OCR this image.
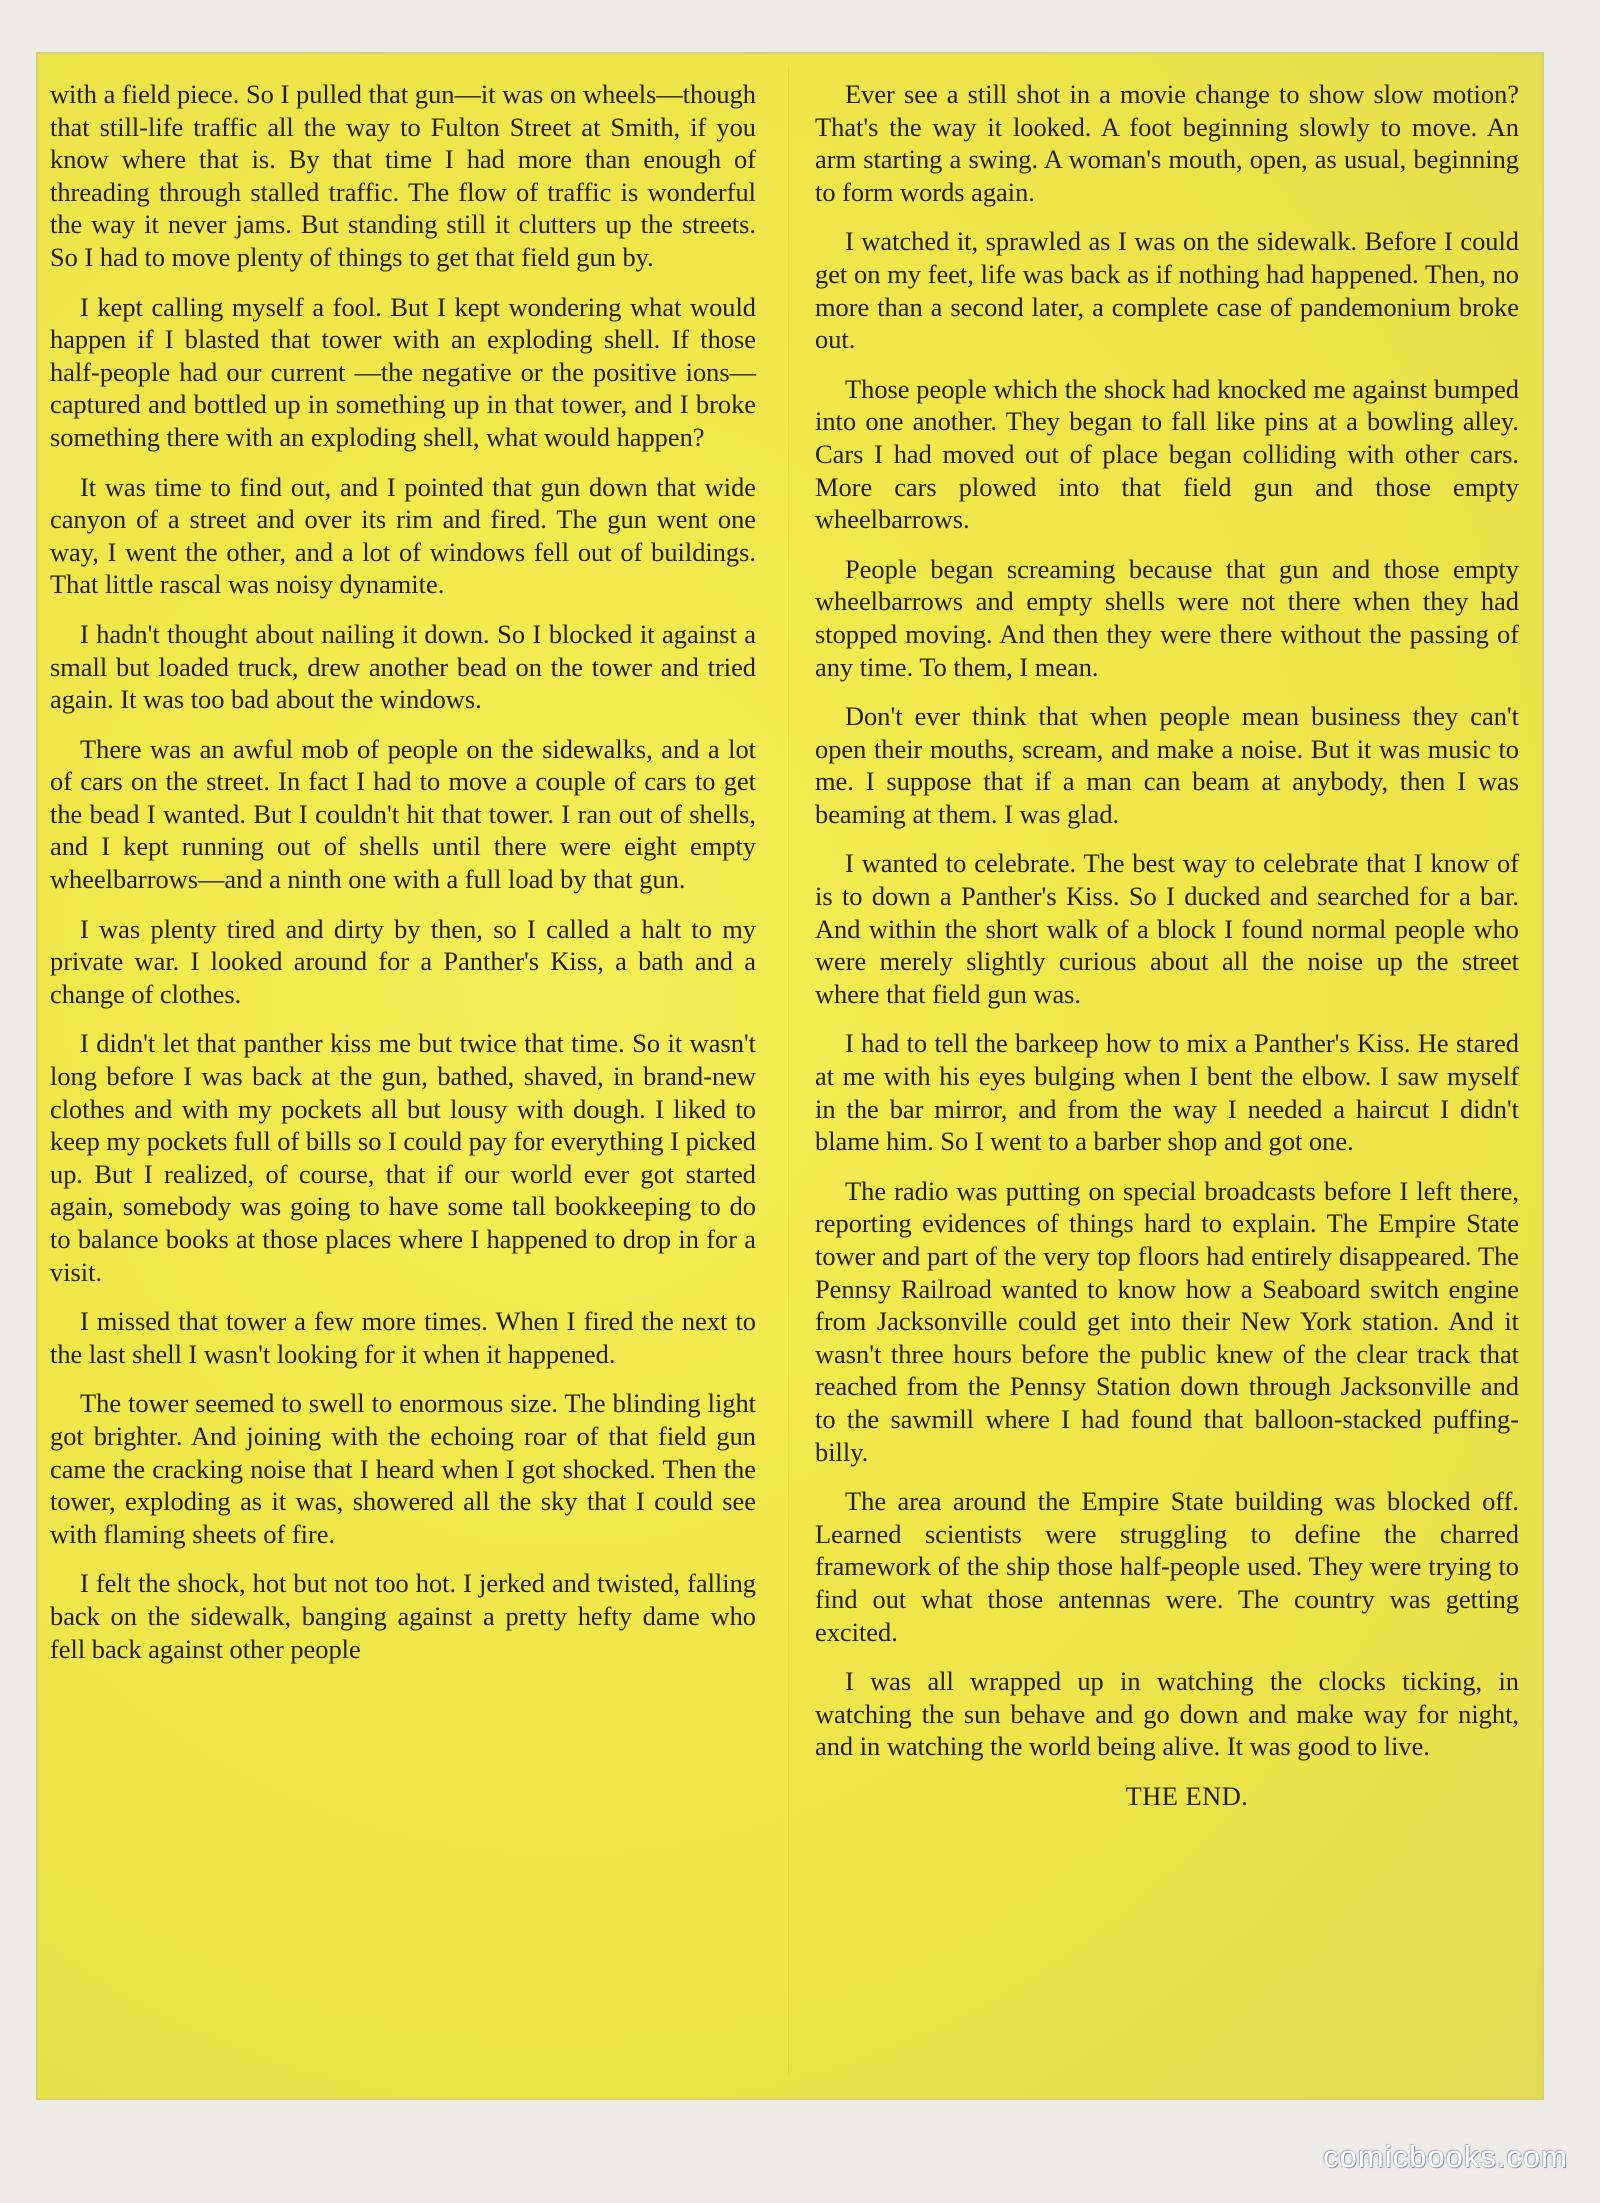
with a field piece. So I pulled that gun—it was on wheels—though that still-life traffic all the way to Fulton Street at Smith, if you know where that is. By that time I had more than enough of threading through stalled traffic. The flow of traffic is wonderful the way it never jams. But standing still it clutters up the streets. So I had to move plenty of things to get that field gun by.

I kept calling myself a fool. But I kept wondering what would happen if I blasted that tower with an exploding shell. If those half-people had our current —the negative or the positive ions—captured and bottled up in something up in that tower, and I broke something there with an exploding shell, what would happen?

It was time to find out, and I pointed that gun down that wide canyon of a street and over its rim and fired. The gun went one way, I went the other, and a lot of windows fell out of buildings. That little rascal was noisy dynamite.

I hadn't thought about nailing it down. So I blocked it against a small but loaded truck, drew another bead on the tower and tried again. It was too bad about the windows.

There was an awful mob of people on the sidewalks, and a lot of cars on the street. In fact I had to move a couple of cars to get the bead I wanted. But I couldn't hit that tower. I ran out of shells, and I kept running out of shells until there were eight empty wheelbarrows—and a ninth one with a full load by that gun.

I was plenty tired and dirty by then, so I called a halt to my private war. I looked around for a Panther's Kiss, a bath and a change of clothes.

I didn't let that panther kiss me but twice that time. So it wasn't long before I was back at the gun, bathed, shaved, in brand-new clothes and with my pockets all but lousy with dough. I liked to keep my pockets full of bills so I could pay for everything I picked up. But I realized, of course, that if our world ever got started again, somebody was going to have some tall bookkeeping to do to balance books at those places where I happened to drop in for a visit.

I missed that tower a few more times. When I fired the next to the last shell I wasn't looking for it when it happened.

The tower seemed to swell to enormous size. The blinding light got brighter. And joining with the echoing roar of that field gun came the cracking noise that I heard when I got shocked. Then the tower, exploding as it was, showered all the sky that I could see with flaming sheets of fire.

I felt the shock, hot but not too hot. I jerked and twisted, falling back on the sidewalk, banging against a pretty hefty dame who fell back against other people

Ever see a still shot in a movie change to show slow motion? That's the way it looked. A foot beginning slowly to move. An arm starting a swing. A woman's mouth, open, as usual, beginning to form words again.

I watched it, sprawled as I was on the sidewalk. Before I could get on my feet, life was back as if nothing had happened. Then, no more than a second later, a complete case of pandemonium broke out.

Those people which the shock had knocked me against bumped into one another. They began to fall like pins at a bowling alley. Cars I had moved out of place began colliding with other cars. More cars plowed into that field gun and those empty wheelbarrows.

People began screaming because that gun and those empty wheelbarrows and empty shells were not there when they had stopped moving. And then they were there without the passing of any time. To them, I mean.

Don't ever think that when people mean business they can't open their mouths, scream, and make a noise. But it was music to me. I suppose that if a man can beam at anybody, then I was beaming at them. I was glad.

I wanted to celebrate. The best way to celebrate that I know of is to down a Panther's Kiss. So I ducked and searched for a bar. And within the short walk of a block I found normal people who were merely slightly curious about all the noise up the street where that field gun was.

I had to tell the barkeep how to mix a Panther's Kiss. He stared at me with his eyes bulging when I bent the elbow. I saw myself in the bar mirror, and from the way I needed a haircut I didn't blame him. So I went to a barber shop and got one.

The radio was putting on special broadcasts before I left there, reporting evidences of things hard to explain. The Empire State tower and part of the very top floors had entirely disappeared. The Pennsy Railroad wanted to know how a Seaboard switch engine from Jacksonville could get into their New York station. And it wasn't three hours before the public knew of the clear track that reached from the Pennsy Station down through Jacksonville and to the sawmill where I had found that balloon-stacked puffing-billy.

The area around the Empire State building was blocked off. Learned scientists were struggling to define the charred framework of the ship those half-people used. They were trying to find out what those antennas were. The country was getting excited.

I was all wrapped up in watching the clocks ticking, in watching the sun behave and go down and make way for night, and in watching the world being alive. It was good to live.

THE END.

comicbooks.com
